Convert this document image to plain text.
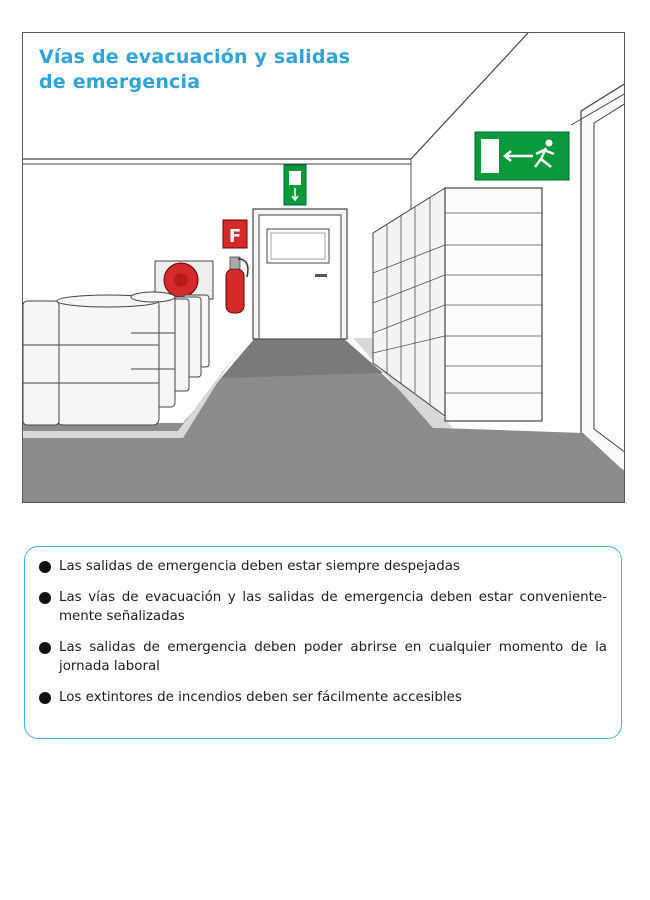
F
Vías de evacuación y salidas
de emergencia
Las salidas de emergencia deben estar siempre despejadas
Las vías de evacuación y las salidas de emergencia deben estar conveniente-mente señalizadas
Las salidas de emergencia deben poder abrirse en cualquier momento de la jornada laboral
Los extintores de incendios deben ser fácilmente accesibles
